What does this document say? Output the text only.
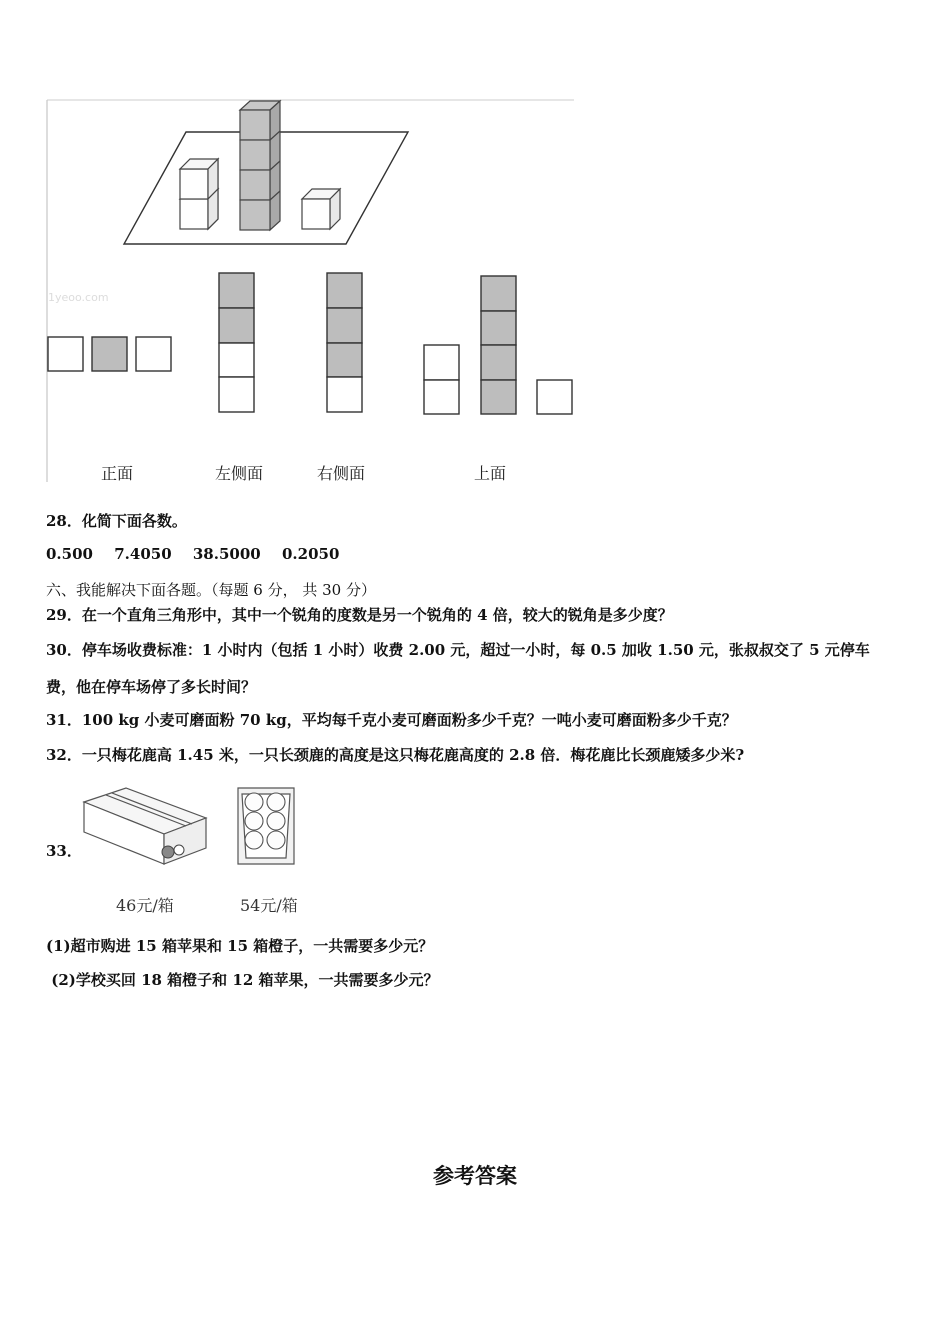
1yeoo.com
正面	左侧面	右侧面	上面
28．化简下面各数。
0.500 7.4050 38.5000 0.2050
六、我能解决下面各题。（每题 6 分， 共 30 分）
29．在一个直角三角形中，其中一个锐角的度数是另一个锐角的 4 倍，较大的锐角是多少度？
30．停车场收费标准：1 小时内（包括 1 小时）收费 2.00 元，超过一小时，每 0.5 加收 1.50 元，张叔叔交了 5 元停车
费，他在停车场停了多长时间？
31．100 kg 小麦可磨面粉 70 kg，平均每千克小麦可磨面粉多少千克？一吨小麦可磨面粉多少千克？
32．一只梅花鹿高 1.45 米，一只长颈鹿的高度是这只梅花鹿高度的 2.8 倍．梅花鹿比长颈鹿矮多少米?
33．
46元/箱	54元/箱
(1)超市购进 15 箱苹果和 15 箱橙子，一共需要多少元？
(2)学校买回 18 箱橙子和 12 箱苹果，一共需要多少元？
参考答案
